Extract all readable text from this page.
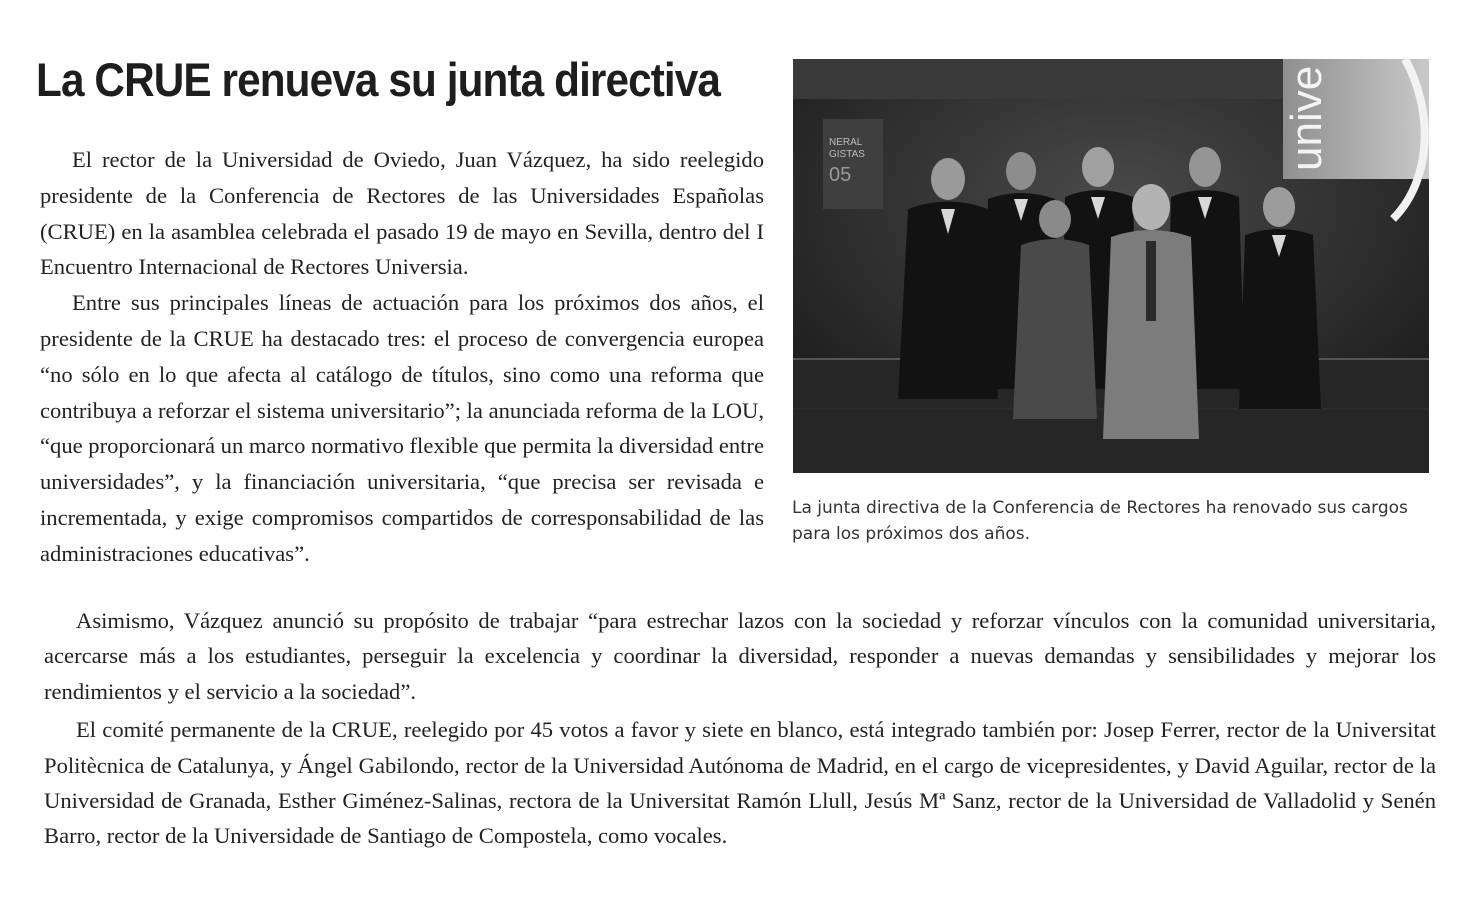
La CRUE renueva su junta directiva

El rector de la Universidad de Oviedo, Juan Vázquez, ha sido reelegido presidente de la Conferencia de Rectores de las Universidades Españolas (CRUE) en la asamblea celebrada el pasado 19 de mayo en Sevilla, dentro del I Encuentro Internacional de Rectores Universia.

Entre sus principales líneas de actuación para los próximos dos años, el presidente de la CRUE ha destacado tres: el proceso de convergencia europea “no sólo en lo que afecta al catálogo de títulos, sino como una reforma que contribuya a reforzar el sistema universitario”; la anunciada reforma de la LOU, “que proporcionará un marco normativo flexible que permita la diversidad entre universidades”, y la financiación universitaria, “que precisa ser revisada e incrementada, y exige compromisos compartidos de corresponsabilidad de las administraciones educativas”.

unive
NERAL
GISTAS
05
La junta directiva de la Conferencia de Rectores ha renovado sus cargos para los próximos dos años.

Asimismo, Vázquez anunció su propósito de trabajar “para estrechar lazos con la sociedad y reforzar vínculos con la comunidad universitaria, acercarse más a los estudiantes, perseguir la excelencia y coordinar la diversidad, responder a nuevas demandas y sensibilidades y mejorar los rendimientos y el servicio a la sociedad”.

El comité permanente de la CRUE, reelegido por 45 votos a favor y siete en blanco, está integrado también por: Josep Ferrer, rector de la Universitat Politècnica de Catalunya, y Ángel Gabilondo, rector de la Universidad Autónoma de Madrid, en el cargo de vicepresidentes, y David Aguilar, rector de la Universidad de Granada, Esther Giménez-Salinas, rectora de la Universitat Ramón Llull, Jesús Mª Sanz, rector de la Universidad de Valladolid y Senén Barro, rector de la Universidade de Santiago de Compostela, como vocales.
